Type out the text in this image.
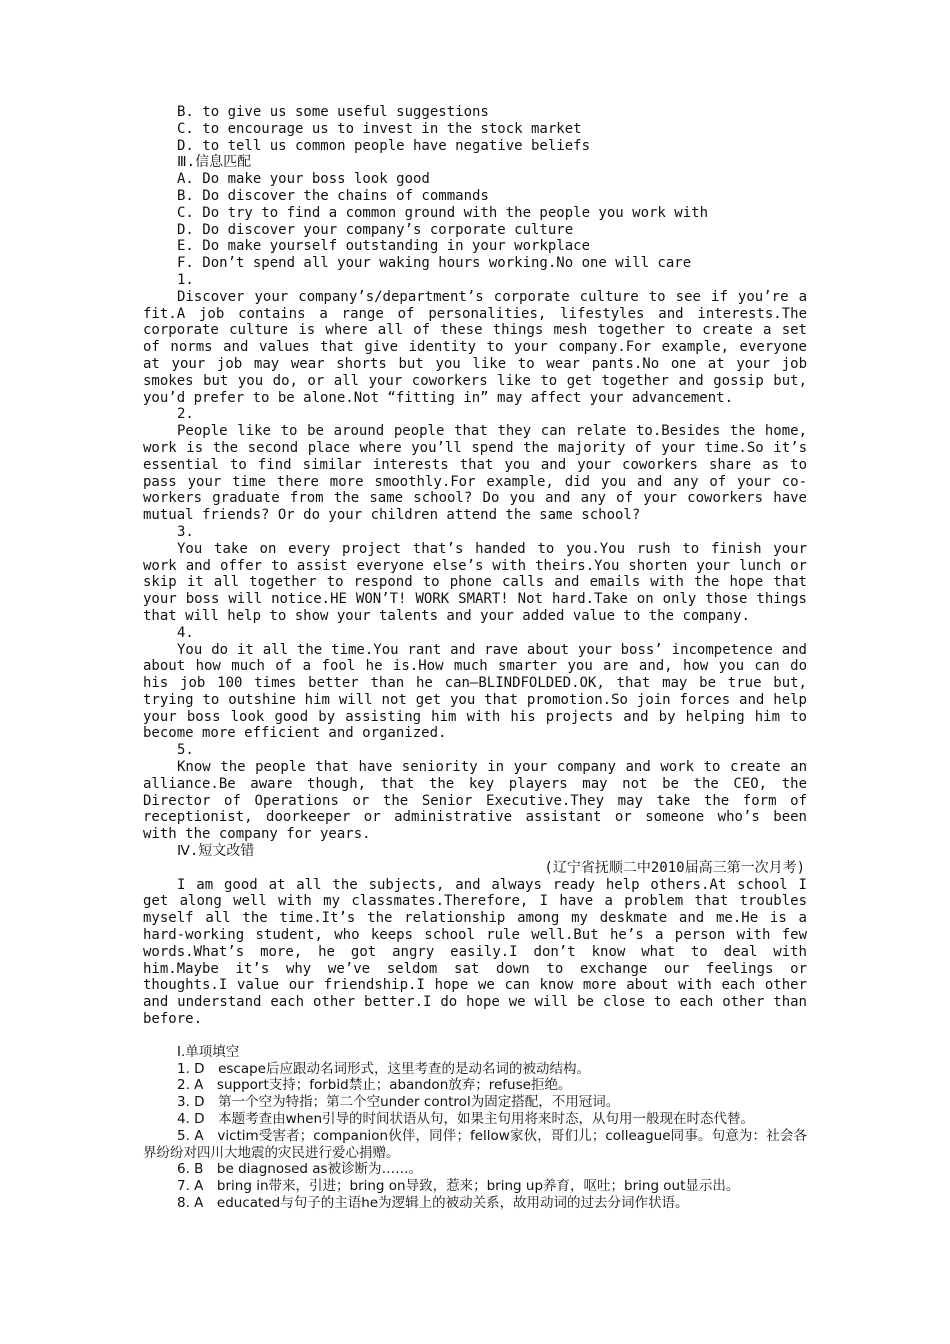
B. to give us some useful suggestions
C. to encourage us to invest in the stock market
D. to tell us common people have negative beliefs
Ⅲ.信息匹配
A. Do make your boss look good
B. Do discover the chains of commands
C. Do try to find a common ground with the people you work with
D. Do discover your company’s corporate culture
E. Do make yourself outstanding in your workplace
F. Don’t spend all your waking hours working.No one will care
1.

Discover your company’s/department’s corporate culture to see if you’re a fit.A job contains a range of personalities, lifestyles and interests.The corporate culture is where all of these things mesh together to create a set of norms and values that give identity to your company.For example, everyone at your job may wear shorts but you like to wear pants.No one at your job smokes but you do, or all your coworkers like to get together and gossip but, you’d prefer to be alone.Not “fitting in” may affect your advancement.

2.

People like to be around people that they can relate to.Besides the home, work is the second place where you’ll spend the majority of your time.So it’s essential to find similar interests that you and your coworkers share as to pass your time there more smoothly.For example, did you and any of your co-workers graduate from the same school? Do you and any of your coworkers have mutual friends? Or do your children attend the same school?

3.

You take on every project that’s handed to you.You rush to finish your work and offer to assist everyone else’s with theirs.You shorten your lunch or skip it all together to respond to phone calls and emails with the hope that your boss will notice.HE WON’T! WORK SMART! Not hard.Take on only those things that will help to show your talents and your added value to the company.

4.

You do it all the time.You rant and rave about your boss’ incompetence and about how much of a fool he is.How much smarter you are and, how you can do his job 100 times better than he can—BLINDFOLDED.OK, that may be true but, trying to outshine him will not get you that promotion.So join forces and help your boss look good by assisting him with his projects and by helping him to become more efficient and organized.

5.

Know the people that have seniority in your company and work to create an alliance.Be aware though, that the key players may not be the CEO, the Director of Operations or the Senior Executive.They may take the form of receptionist, doorkeeper or administrative assistant or someone who’s been with the company for years.

Ⅳ.短文改错
(辽宁省抚顺二中2010届高三第一次月考)

I am good at all the subjects, and always ready help others.At school I get along well with my classmates.Therefore, I have a problem that troubles myself all the time.It’s the relationship among my deskmate and me.He is a hard-working student, who keeps school rule well.But he’s a person with few words.What’s more, he got angry easily.I don’t know what to deal with him.Maybe it’s why we’ve seldom sat down to exchange our feelings or thoughts.I value our friendship.I hope we can know more about with each other and understand each other better.I do hope we will be close to each other than before.

Ⅰ.单项填空

1. D　escape后应跟动名词形式，这里考查的是动名词的被动结构。

2. A　support支持；forbid禁止；abandon放弃；refuse拒绝。

3. D　第一个空为特指；第二个空under control为固定搭配，不用冠词。

4. D　本题考查由when引导的时间状语从句，如果主句用将来时态，从句用一般现在时态代替。

5. A　victim受害者；companion伙伴，同伴；fellow家伙，哥们儿；colleague同事。句意为：社会各界纷纷对四川大地震的灾民进行爱心捐赠。

6. B　be diagnosed as被诊断为……。

7. A　bring in带来，引进；bring on导致，惹来；bring up养育，呕吐；bring out显示出。

8. A　educated与句子的主语he为逻辑上的被动关系，故用动词的过去分词作状语。
